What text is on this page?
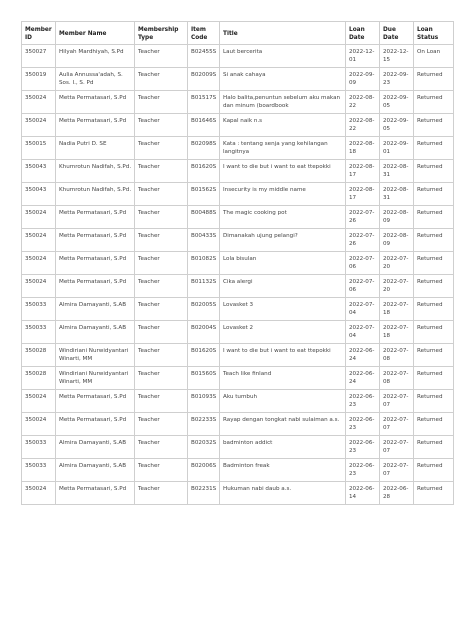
Member ID	Member Name	Membership Type	Item Code	Title	Loan Date	Due Date	Loan Status
350027	Hilyah Mardhiyah, S.Pd	Teacher	B02455S	Laut bercerita	2022-12-01	2022-12-15	On Loan
350019	Aulia Annussa'adah, S. Sos. I., S. Pd	Teacher	B02009S	Si anak cahaya	2022-09-09	2022-09-23	Returned
350024	Metta Permatasari, S.Pd	Teacher	B01517S	Halo balita,penuntun sebelum aku makan dan minum (boardbook	2022-08-22	2022-09-05	Returned
350024	Metta Permatasari, S.Pd	Teacher	B01646S	Kapal naik n.s	2022-08-22	2022-09-05	Returned
350015	Nadia Putri D. SE	Teacher	B02098S	Kata : tentang senja yang kehilangan langitnya	2022-08-18	2022-09-01	Returned
350043	Khumrotun Nadifah, S.Pd.	Teacher	B01620S	I want to die but i want to eat ttepokki	2022-08-17	2022-08-31	Returned
350043	Khumrotun Nadifah, S.Pd.	Teacher	B01562S	Insecurity is my middle name	2022-08-17	2022-08-31	Returned
350024	Metta Permatasari, S.Pd	Teacher	B00488S	The magic cooking pot	2022-07-26	2022-08-09	Returned
350024	Metta Permatasari, S.Pd	Teacher	B00433S	Dimanakah ujung pelangi?	2022-07-26	2022-08-09	Returned
350024	Metta Permatasari, S.Pd	Teacher	B01082S	Lola bisulan	2022-07-06	2022-07-20	Returned
350024	Metta Permatasari, S.Pd	Teacher	B01132S	Cika alergi	2022-07-06	2022-07-20	Returned
350033	Almira Damayanti, S.AB	Teacher	B02005S	Lovasket 3	2022-07-04	2022-07-18	Returned
350033	Almira Damayanti, S.AB	Teacher	B02004S	Lovasket 2	2022-07-04	2022-07-18	Returned
350028	Windiriani Nurwidyantari Winarti, MM	Teacher	B01620S	I want to die but i want to eat ttepokki	2022-06-24	2022-07-08	Returned
350028	Windiriani Nurwidyantari Winarti, MM	Teacher	B01560S	Teach like finland	2022-06-24	2022-07-08	Returned
350024	Metta Permatasari, S.Pd	Teacher	B01093S	Aku tumbuh	2022-06-23	2022-07-07	Returned
350024	Metta Permatasari, S.Pd	Teacher	B02233S	Rayap dengan tongkat nabi sulaiman a.s.	2022-06-23	2022-07-07	Returned
350033	Almira Damayanti, S.AB	Teacher	B02032S	badminton addict	2022-06-23	2022-07-07	Returned
350033	Almira Damayanti, S.AB	Teacher	B02006S	Badminton freak	2022-06-23	2022-07-07	Returned
350024	Metta Permatasari, S.Pd	Teacher	B02231S	Hukuman nabi daub a.s.	2022-06-14	2022-06-28	Returned
